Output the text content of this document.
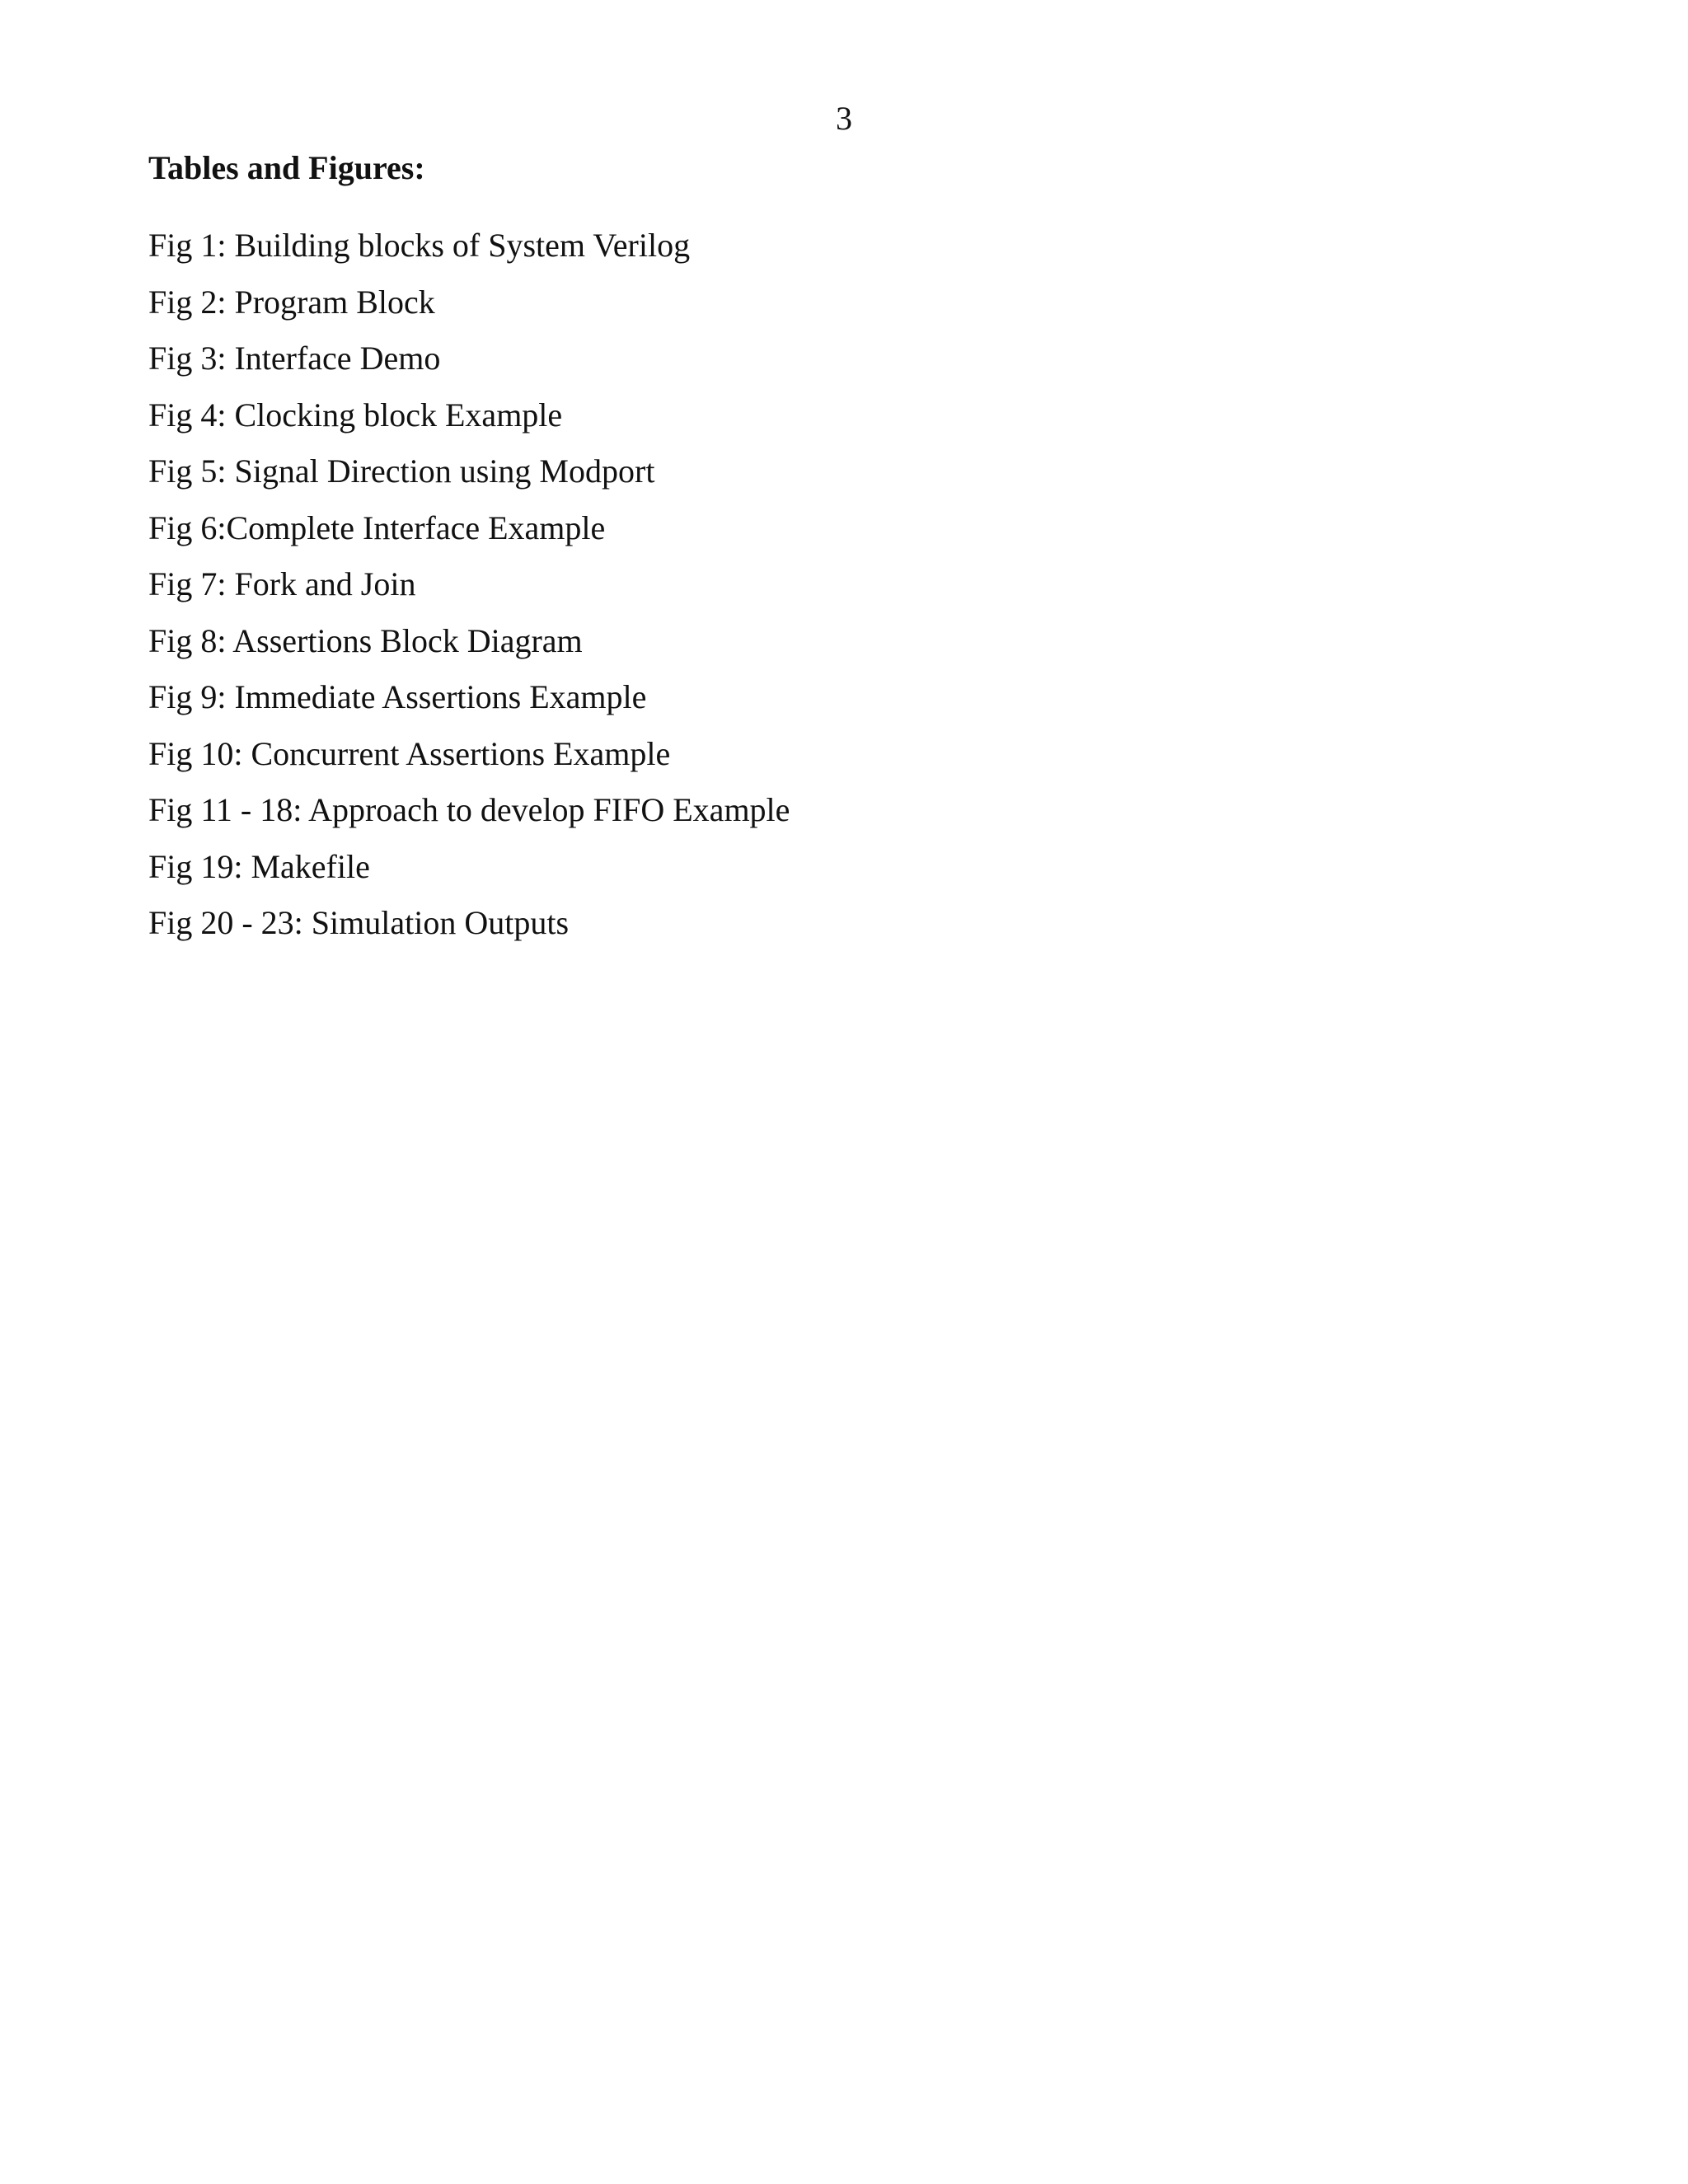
3
Tables and Figures:
Fig 1: Building blocks of System Verilog
Fig 2: Program Block
Fig 3: Interface Demo
Fig 4: Clocking block Example
Fig 5: Signal Direction using Modport
Fig 6:Complete Interface Example
Fig 7: Fork and Join
Fig 8: Assertions Block Diagram
Fig 9: Immediate Assertions Example
Fig 10: Concurrent Assertions Example
Fig 11 - 18: Approach to develop FIFO Example
Fig 19: Makefile
Fig 20 - 23: Simulation Outputs
